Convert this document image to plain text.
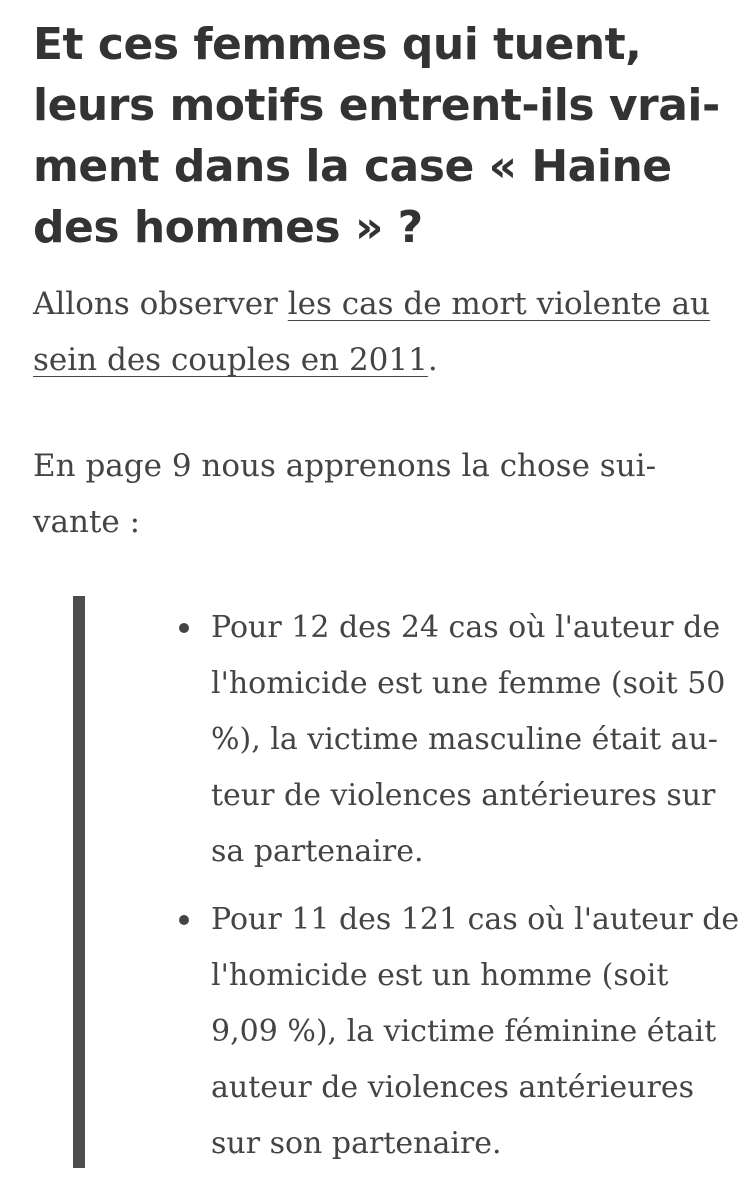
Et ces femmes qui tuent,
leurs motifs entrent-ils vrai-
ment dans la case « Haine
des hommes » ?

Allons observer les cas de mort violente au
sein des couples en 2011.

En page 9 nous apprenons la chose sui-
vante :

Pour 12 des 24 cas où l'auteur de
l'homicide est une femme (soit 50
%), la victime masculine était au-
teur de violences antérieures sur
sa partenaire.
Pour 11 des 121 cas où l'auteur de
l'homicide est un homme (soit
9,09 %), la victime féminine était
auteur de violences antérieures
sur son partenaire.
